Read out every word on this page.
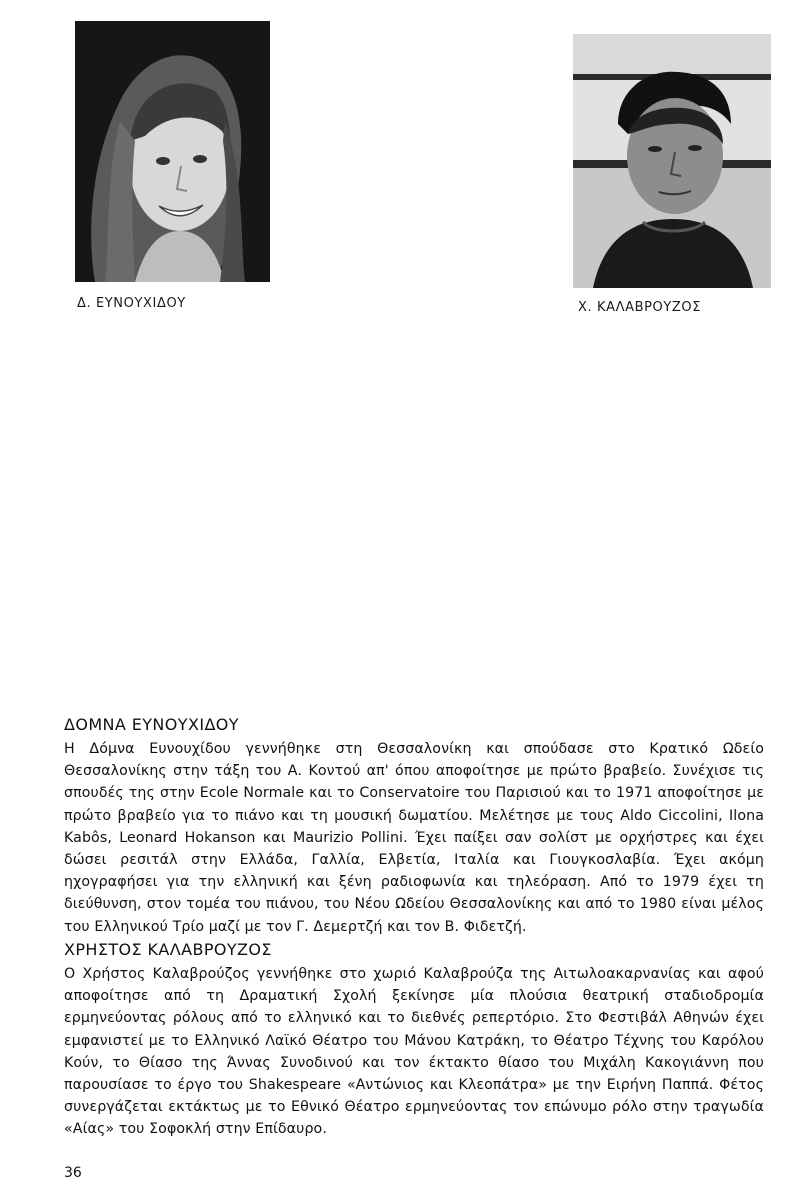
Δ. ΕΥΝΟΥΧΙΔΟΥ	Χ. ΚΑΛΑΒΡΟΥΖΟΣ
ΔΟΜΝΑ ΕΥΝΟΥΧΙΔΟΥ

Η Δόμνα Ευνουχίδου γεννήθηκε στη Θεσσαλονίκη και σπούδασε στο Κρατικό Ωδείο Θεσσαλονίκης στην τάξη του Α. Κοντού απ' όπου αποφοίτησε με πρώτο βραβείο. Συνέχισε τις σπουδές της στην Ecole Normale και το Conservatoire του Παρισιού και το 1971 αποφοίτησε με πρώτο βραβείο για το πιάνο και τη μουσική δωματίου. Μελέτησε με τους Aldo Ciccolini, Ilona Kabôs, Leonard Hokanson και Maurizio Pollini. Έχει παίξει σαν σολίστ με ορχήστρες και έχει δώσει ρεσιτάλ στην Ελλάδα, Γαλλία, Ελβετία, Ιταλία και Γιουγκοσλαβία. Έχει ακόμη ηχογραφήσει για την ελληνική και ξένη ραδιοφωνία και τηλεόραση. Από το 1979 έχει τη διεύθυνση, στον τομέα του πιάνου, του Νέου Ωδείου Θεσσαλονίκης και από το 1980 είναι μέλος του Ελληνικού Τρίο μαζί με τον Γ. Δεμερτζή και τον Β. Φιδετζή.

ΧΡΗΣΤΟΣ ΚΑΛΑΒΡΟΥΖΟΣ

Ο Χρήστος Καλαβρούζος γεννήθηκε στο χωριό Καλαβρούζα της Αιτωλοακαρνανίας και αφού αποφοίτησε από τη Δραματική Σχολή ξεκίνησε μία πλούσια θεατρική σταδιοδρομία ερμηνεύοντας ρόλους από το ελληνικό και το διεθνές ρεπερτόριο. Στο Φεστιβάλ Αθηνών έχει εμφανιστεί με το Ελληνικό Λαϊκό Θέατρο του Μάνου Κατράκη, το Θέατρο Τέχνης του Καρόλου Κούν, το Θίασο της Άννας Συνοδινού και τον έκτακτο θίασο του Μιχάλη Κακογιάννη που παρουσίασε το έργο του Shakespeare «Αντώνιος και Κλεοπάτρα» με την Ειρήνη Παππά. Φέτος συνεργάζεται εκτάκτως με το Εθνικό Θέατρο ερμηνεύοντας τον επώνυμο ρόλο στην τραγωδία «Αίας» του Σοφοκλή στην Επίδαυρο.

36
